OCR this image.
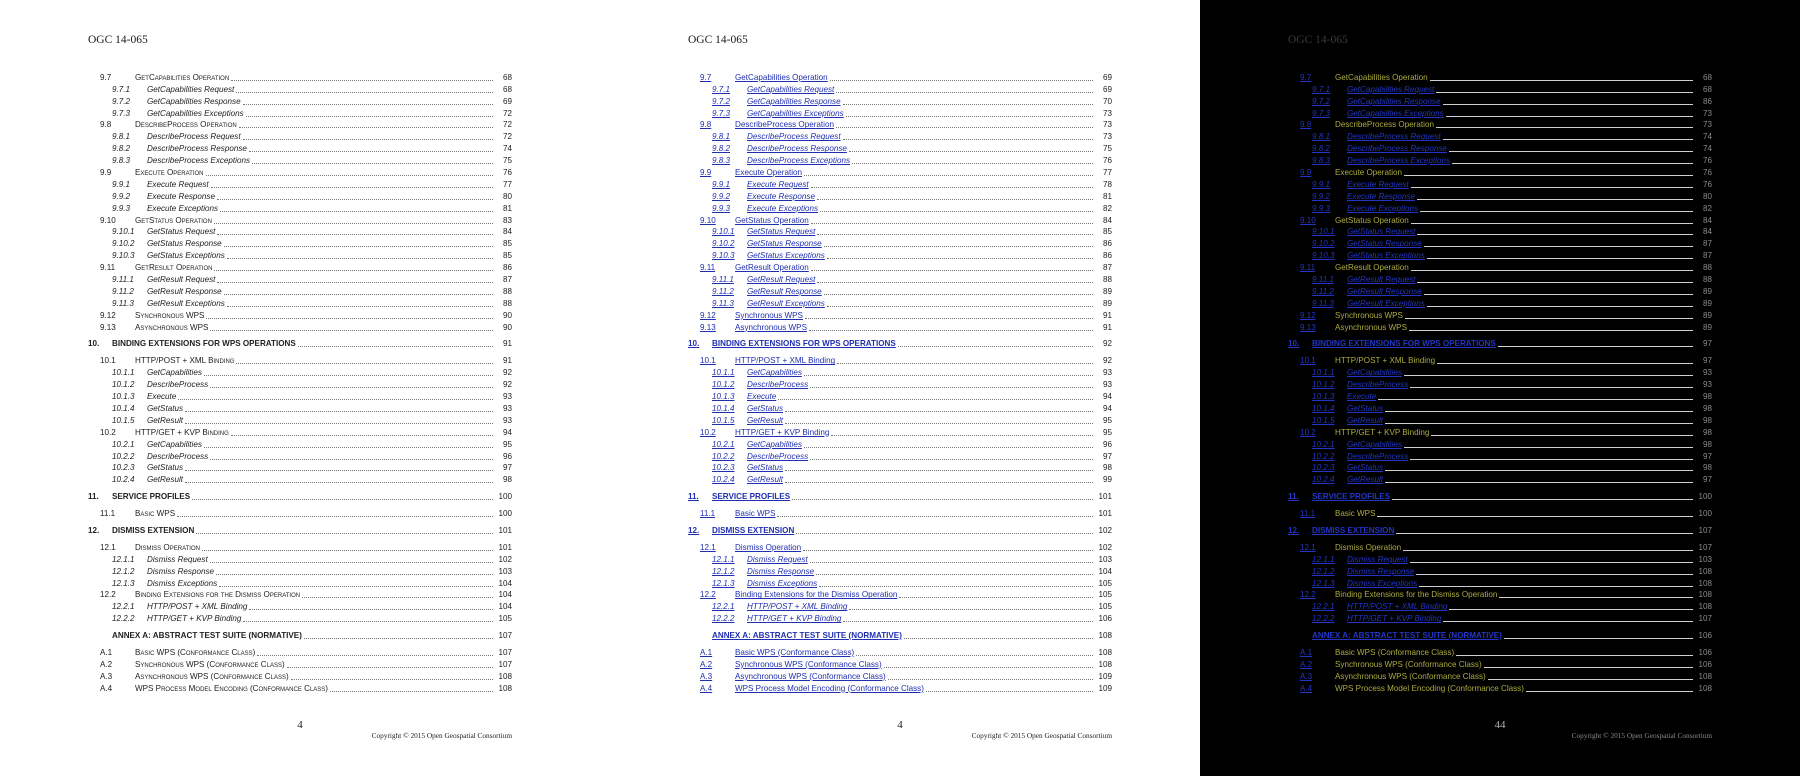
OGC 14-065
9.7	GetCapabilities Operation	68
9.7.1	GetCapabilities Request	68
9.7.2	GetCapabilities Response	69
9.7.3	GetCapabilities Exceptions	72
9.8	DescribeProcess Operation	72
9.8.1	DescribeProcess Request	72
9.8.2	DescribeProcess Response	74
9.8.3	DescribeProcess Exceptions	75
9.9	Execute Operation	76
9.9.1	Execute Request	77
9.9.2	Execute Response	80
9.9.3	Execute Exceptions	81
9.10	GetStatus Operation	83
9.10.1	GetStatus Request	84
9.10.2	GetStatus Response	85
9.10.3	GetStatus Exceptions	85
9.11	GetResult Operation	86
9.11.1	GetResult Request	87
9.11.2	GetResult Response	88
9.11.3	GetResult Exceptions	88
9.12	Synchronous WPS	90
9.13	Asynchronous WPS	90
10.	BINDING EXTENSIONS FOR WPS OPERATIONS	91
10.1	HTTP/POST + XML Binding	91
10.1.1	GetCapabilities	92
10.1.2	DescribeProcess	92
10.1.3	Execute	93
10.1.4	GetStatus	93
10.1.5	GetResult	93
10.2	HTTP/GET + KVP Binding	94
10.2.1	GetCapabilities	95
10.2.2	DescribeProcess	96
10.2.3	GetStatus	97
10.2.4	GetResult	98
11.	SERVICE PROFILES	100
11.1	Basic WPS	100
12.	DISMISS EXTENSION	101
12.1	Dismiss Operation	101
12.1.1	Dismiss Request	102
12.1.2	Dismiss Response	103
12.1.3	Dismiss Exceptions	104
12.2	Binding Extensions for the Dismiss Operation	104
12.2.1	HTTP/POST + XML Binding	104
12.2.2	HTTP/GET + KVP Binding	105
ANNEX A: ABSTRACT TEST SUITE (NORMATIVE)	107
A.1	Basic WPS (Conformance Class)	107
A.2	Synchronous WPS (Conformance Class)	107
A.3	Asynchronous WPS (Conformance Class)	108
A.4	WPS Process Model Encoding (Conformance Class)	108
4
Copyright © 2015 Open Geospatial Consortium
OGC 14-065
9.7	GetCapabilities Operation	69
9.7.1	GetCapabilities Request	69
9.7.2	GetCapabilities Response	70
9.7.3	GetCapabilities Exceptions	73
9.8	DescribeProcess Operation	73
9.8.1	DescribeProcess Request	73
9.8.2	DescribeProcess Response	75
9.8.3	DescribeProcess Exceptions	76
9.9	Execute Operation	77
9.9.1	Execute Request	78
9.9.2	Execute Response	81
9.9.3	Execute Exceptions	82
9.10	GetStatus Operation	84
9.10.1	GetStatus Request	85
9.10.2	GetStatus Response	86
9.10.3	GetStatus Exceptions	86
9.11	GetResult Operation	87
9.11.1	GetResult Request	88
9.11.2	GetResult Response	89
9.11.3	GetResult Exceptions	89
9.12	Synchronous WPS	91
9.13	Asynchronous WPS	91
10.	BINDING EXTENSIONS FOR WPS OPERATIONS	92
10.1	HTTP/POST + XML Binding	92
10.1.1	GetCapabilities	93
10.1.2	DescribeProcess	93
10.1.3	Execute	94
10.1.4	GetStatus	94
10.1.5	GetResult	95
10.2	HTTP/GET + KVP Binding	95
10.2.1	GetCapabilities	96
10.2.2	DescribeProcess	97
10.2.3	GetStatus	98
10.2.4	GetResult	99
11.	SERVICE PROFILES	101
11.1	Basic WPS	101
12.	DISMISS EXTENSION	102
12.1	Dismiss Operation	102
12.1.1	Dismiss Request	103
12.1.2	Dismiss Response	104
12.1.3	Dismiss Exceptions	105
12.2	Binding Extensions for the Dismiss Operation	105
12.2.1	HTTP/POST + XML Binding	105
12.2.2	HTTP/GET + KVP Binding	106
ANNEX A: ABSTRACT TEST SUITE (NORMATIVE)	108
A.1	Basic WPS (Conformance Class)	108
A.2	Synchronous WPS (Conformance Class)	108
A.3	Asynchronous WPS (Conformance Class)	109
A.4	WPS Process Model Encoding (Conformance Class)	109
4
Copyright © 2015 Open Geospatial Consortium
OGC 14-065
9.7	GetCapabilities Operation	68
9.7.1	GetCapabilities Request	68
9.7.2	GetCapabilities Response	86
9.7.3	GetCapabilities Exceptions	73
9.8	DescribeProcess Operation	73
9.8.1	DescribeProcess Request	74
9.8.2	DescribeProcess Response	74
9.8.3	DescribeProcess Exceptions	76
9.9	Execute Operation	76
9.9.1	Execute Request	76
9.9.2	Execute Response	80
9.9.3	Execute Exceptions	82
9.10	GetStatus Operation	84
9.10.1	GetStatus Request	84
9.10.2	GetStatus Response	87
9.10.3	GetStatus Exceptions	87
9.11	GetResult Operation	88
9.11.1	GetResult Request	88
9.11.2	GetResult Response	89
9.11.3	GetResult Exceptions	89
9.12	Synchronous WPS	89
9.13	Asynchronous WPS	89
10.	BINDING EXTENSIONS FOR WPS OPERATIONS	97
10.1	HTTP/POST + XML Binding	97
10.1.1	GetCapabilities	93
10.1.2	DescribeProcess	93
10.1.3	Execute	98
10.1.4	GetStatus	98
10.1.5	GetResult	98
10.2	HTTP/GET + KVP Binding	98
10.2.1	GetCapabilities	98
10.2.2	DescribeProcess	97
10.2.3	GetStatus	98
10.2.4	GetResult	97
11.	SERVICE PROFILES	100
11.1	Basic WPS	100
12.	DISMISS EXTENSION	107
12.1	Dismiss Operation	107
12.1.1	Dismiss Request	103
12.1.2	Dismiss Response	108
12.1.3	Dismiss Exceptions	108
12.2	Binding Extensions for the Dismiss Operation	108
12.2.1	HTTP/POST + XML Binding	108
12.2.2	HTTP/GET + KVP Binding	107
ANNEX A: ABSTRACT TEST SUITE (NORMATIVE)	106
A.1	Basic WPS (Conformance Class)	106
A.2	Synchronous WPS (Conformance Class)	106
A.3	Asynchronous WPS (Conformance Class)	108
A.4	WPS Process Model Encoding (Conformance Class)	108
44
Copyright © 2015 Open Geospatial Consortium
